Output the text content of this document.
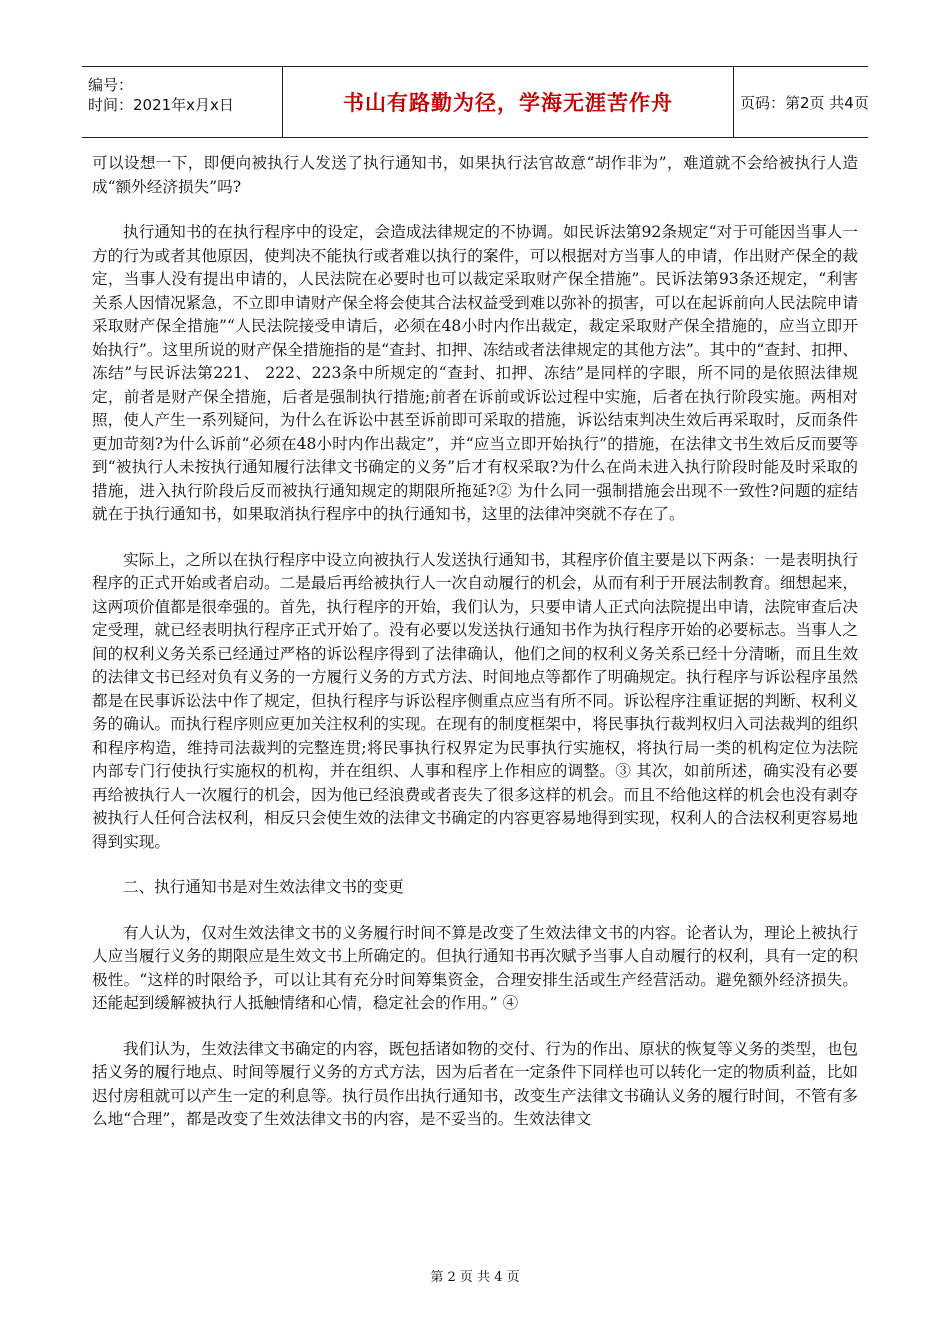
编号：
时间：2021年x月x日	书山有路勤为径，学海无涯苦作舟	页码：第2页 共4页

可以设想一下，即便向被执行人发送了执行通知书，如果执行法官故意“胡作非为”，难道就不会给被执行人造成“额外经济损失”吗?

执行通知书的在执行程序中的设定，会造成法律规定的不协调。如民诉法第92条规定“对于可能因当事人一方的行为或者其他原因，使判决不能执行或者难以执行的案件，可以根据对方当事人的申请，作出财产保全的裁定，当事人没有提出申请的，人民法院在必要时也可以裁定采取财产保全措施”。民诉法第93条还规定，“利害关系人因情况紧急，不立即申请财产保全将会使其合法权益受到难以弥补的损害，可以在起诉前向人民法院申请采取财产保全措施”“人民法院接受申请后，必须在48小时内作出裁定，裁定采取财产保全措施的，应当立即开始执行”。这里所说的财产保全措施指的是“查封、扣押、冻结或者法律规定的其他方法”。其中的“查封、扣押、冻结”与民诉法第221、 222、223条中所规定的“查封、扣押、冻结”是同样的字眼，所不同的是依照法律规定，前者是财产保全措施，后者是强制执行措施;前者在诉前或诉讼过程中实施，后者在执行阶段实施。两相对照，使人产生一系列疑问，为什么在诉讼中甚至诉前即可采取的措施，诉讼结束判决生效后再采取时，反而条件更加苛刻?为什么诉前“必须在48小时内作出裁定”，并“应当立即开始执行”的措施，在法律文书生效后反而要等到“被执行人未按执行通知履行法律文书确定的义务”后才有权采取?为什么在尚未进入执行阶段时能及时采取的措施，进入执行阶段后反而被执行通知规定的期限所拖延?② 为什么同一强制措施会出现不一致性?问题的症结就在于执行通知书，如果取消执行程序中的执行通知书，这里的法律冲突就不存在了。

实际上，之所以在执行程序中设立向被执行人发送执行通知书，其程序价值主要是以下两条：一是表明执行程序的正式开始或者启动。二是最后再给被执行人一次自动履行的机会，从而有利于开展法制教育。细想起来，这两项价值都是很牵强的。首先，执行程序的开始，我们认为，只要申请人正式向法院提出申请，法院审查后决定受理，就已经表明执行程序正式开始了。没有必要以发送执行通知书作为执行程序开始的必要标志。当事人之间的权利义务关系已经通过严格的诉讼程序得到了法律确认，他们之间的权利义务关系已经十分清晰，而且生效的法律文书已经对负有义务的一方履行义务的方式方法、时间地点等都作了明确规定。执行程序与诉讼程序虽然都是在民事诉讼法中作了规定，但执行程序与诉讼程序侧重点应当有所不同。诉讼程序注重证据的判断、权利义务的确认。而执行程序则应更加关注权利的实现。在现有的制度框架中，将民事执行裁判权归入司法裁判的组织和程序构造，维持司法裁判的完整连贯;将民事执行权界定为民事执行实施权，将执行局一类的机构定位为法院内部专门行使执行实施权的机构，并在组织、人事和程序上作相应的调整。③ 其次，如前所述，确实没有必要再给被执行人一次履行的机会，因为他已经浪费或者丧失了很多这样的机会。而且不给他这样的机会也没有剥夺被执行人任何合法权利，相反只会使生效的法律文书确定的内容更容易地得到实现，权利人的合法权利更容易地得到实现。

二、执行通知书是对生效法律文书的变更

有人认为，仅对生效法律文书的义务履行时间不算是改变了生效法律文书的内容。论者认为，理论上被执行人应当履行义务的期限应是生效文书上所确定的。但执行通知书再次赋予当事人自动履行的权利，具有一定的积极性。“这样的时限给予，可以让其有充分时间筹集资金，合理安排生活或生产经营活动。避免额外经济损失。还能起到缓解被执行人抵触情绪和心情，稳定社会的作用。” ④

我们认为，生效法律文书确定的内容，既包括诸如物的交付、行为的作出、原状的恢复等义务的类型，也包括义务的履行地点、时间等履行义务的方式方法，因为后者在一定条件下同样也可以转化一定的物质利益，比如迟付房租就可以产生一定的利息等。执行员作出执行通知书，改变生产法律文书确认义务的履行时间，不管有多么地“合理”，都是改变了生效法律文书的内容，是不妥当的。生效法律文

第 2 页 共 4 页
